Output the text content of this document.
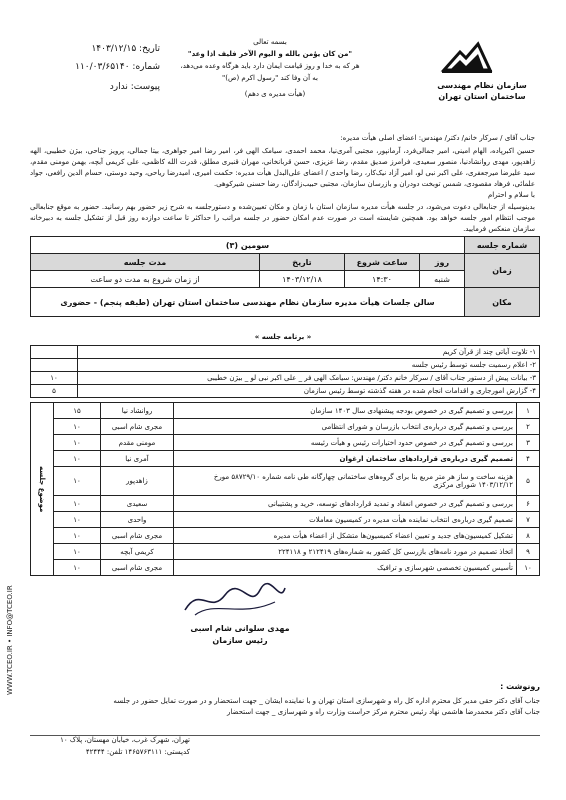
سازمان نظام مهندسی ساختمان استان تهران
بسمه تعالی
"من كان يؤمن بالله و اليوم الآخر فليف اذا وعد"
هر كه به خدا و روز قيامت ايمان دارد بايد هرگاه وعده می‌دهد،
به آن وفا کند "رسول اکرم (ص)"
(هیأت مدیره ی دهم)
تاریخ: ۱۴۰۳/۱۲/۱۵
شماره: ۱۱۰/۰۳/۶۵۱۴۰
پیوست: ندارد
جناب آقای / سرکار خانم/ دکتر/ مهندس: اعضای اصلی هیأت مدیره:
حسین اکبرپاده، الهام امینی، امیر جمالی‌فرد، آرمانپور، مجتبی آمری‌نیا، محمد احمدی، سیامک الهی فر، امیر رضا امیر جواهری، بیتا جمالی، پرویز جناحی، بیژن خطیبی، الهه زاهدپور، مهدی روانشادنیا، منصور سعیدی، فرامرز صدیق مقدم، رضا عزیزی، حسن قربانخانی، مهران قنبری مطلق، قدرت الله کاظمی، علی کریمی آبچه، بهمن مومنی مقدم، سید علیرضا میرجعفری، علی اکبر نبی لو، امیر آزاد نیک‌کار، رضا واحدی / اعضای علی‌البدل هیأت مدیره: حکمت امیری، امیدرضا ریاحی، وحید دوستی، حسام الدین رافعی، جواد علمائی، فرهاد مقصودی، شمس توبخت دودران و بازرسان سازمان، مجتبی حبیب‌زادگان، رضا حسنی شیرکوهی.
با سلام و احترام
بدینوسیله از جنابعالی دعوت می‌شود، در جلسه هیأت مدیره سازمان استان با زمان و مکان تعیین‌شده و دستورجلسه به شرح زیر حضور بهم رسانید. حضور به موقع جنابعالی موجب انتظام امور جلسه خواهد بود. همچنین شایسته است در صورت عدم امکان حضور در جلسه مراتب را حداکثر تا ساعت دوازده روز قبل از تشکیل جلسه به دبیرخانه سازمان منعکس فرمایید.
شماره جلسه	سومین (۳)			
زمان	روز	ساعت شروع	تاریخ	مدت جلسه
	شنبه	۱۴:۳۰	۱۴۰۳/۱۲/۱۸	از زمان شروع به مدت دو ساعت
مکان	سالن جلسات هیأت مدیره سازمان نظام مهندسی ساختمان استان تهران (طبقه پنجم) - حضوری			
« برنامه جلسه »
۱- تلاوت آیاتی چند از قرآن کریم	
۲- اعلام رسمیت جلسه توسط رئیس جلسه	
۳- بیانات پیش از دستور جناب آقای / سرکار خانم دکتر/ مهندس: سیامک الهی فر _ علی اکبر نبی لو _ بیژن خطیبی	۱۰
۴- گزارش امورجاری و اقدامات انجام شده در هفته گذشته توسط رئیس سازمان	۵
۱	بررسی و تصمیم گیری در خصوص بودجه پیشنهادی سال ۱۴۰۳ سازمان	روانشاد نیا	۱۵	موضوع جلسه
۲	بررسی و تصمیم گیری درباره‌ی انتخاب بازرسان و شورای انتظامی	مجری شام اسبی	۱۰	
۳	بررسی و تصمیم گیری در خصوص حدود اختیارات رئیس و هیأت رئیسه	مومنی مقدم	۱۰	
۴	تصمیم گیری درباره‌ی قراردادهای ساختمان ارغوان	آمری نیا	۱۰	
۵	هزینه ساخت و ساز هر متر مربع بنا برای گروه‌های ساختمانی چهارگانه طی نامه شماره ۵۸۷۲۹/۱۰ مورخ ۱۴۰۳/۱۲/۱۲ شورای مرکزی	زاهدپور	۱۰	
۶	بررسی و تصمیم گیری در خصوص انعقاد و تمدید قراردادهای توسعه، خرید و پشتیبانی	سعیدی	۱۰	
۷	تصمیم گیری درباره‌ی انتخاب نماینده هیأت مدیره در کمیسیون معاملات	واحدی	۱۰	
۸	تشکیل کمیسیون‌های جدید و تعیین اعضاء کمیسیون‌ها متشکل از اعضاء هیأت مدیره	مجری شام اسبی	۱۰	
۹	اتخاذ تصمیم در مورد نامه‌های بازرسی کل کشور به شماره‌های ۲۱۲۴۱۹ و ۲۲۴۱۱۸	کریمی آبچه	۱۰	
۱۰	تأسیس کمیسیون تخصصی شهرسازی و ترافیک	مجری شام اسبی	۱۰	
مهدی سلوانی شام اسبی
رئیس سازمان
رونوشت :
جناب آقای دکتر حقی مدیر کل محترم اداره کل راه و شهرسازی استان تهران و با نماینده ایشان _ جهت استحضار و در صورت تمایل حضور در جلسه
جناب آقای دکتر محمدرضا هاشمی نهاد رئیس محترم مرکز حراست وزارت راه و شهرسازی _ جهت استحضار
تهران، شهرک غرب، خیابان مهستان، پلاک ۱۰
کدپستی: ۱۴۶۵۷۶۳۱۱۱ تلفن: ۴۲۴۴۴
WWW.TCEO.IR • INFO@TCEO.IR
